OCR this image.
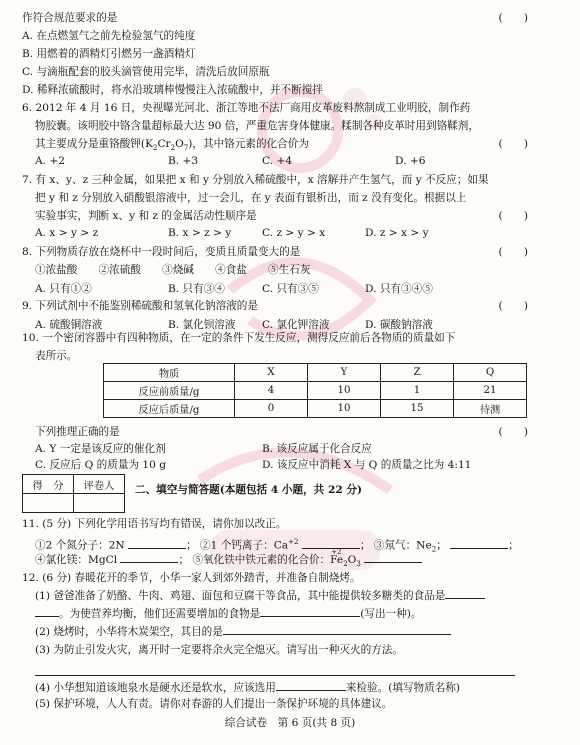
作符合规范要求的是	(　　)
A. 在点燃氢气之前先检验氢气的纯度
B. 用燃着的酒精灯引燃另一盏酒精灯
C. 与滴瓶配套的胶头滴管使用完毕，清洗后放回原瓶
D. 稀释浓硫酸时，将水沿玻璃棒慢慢注入浓硫酸中，并不断搅拌
6. 2012 年 4 月 16 日，央视曝光河北、浙江等地不法厂商用皮革废料熬制成工业明胶，制作药
物胶囊。该明胶中铬含量超标最大达 90 倍，严重危害身体健康。糅制各种皮革时用到铬鞣剂，
其主要成分是重铬酸钾$(K_2Cr_2O_7)$，其中铬元素的化合价为	(　　)
A. +2	B. +3	C. +4	D. +6
7. 有 x、y、z 三种金属，如果把 x 和 y 分别放入稀硫酸中，x 溶解并产生氢气，而 y 不反应；如果
把 y 和 z 分别放入硝酸银溶液中，过一会儿，在 y 表面有银析出，而 z 没有变化。根据以上
实验事实，判断 x、y 和 z 的金属活动性顺序是	(　　)
A. x > y > z	B. x > z > y	C. z > y > x	D. z > x > y
8. 下列物质存放在烧杯中一段时间后，变质且质量变大的是	(　　)
①浓盐酸　　②浓硫酸　　③烧碱　　④食盐　　⑤生石灰
A. 只有①②	B. 只有③④	C. 只有③⑤	D. 只有③④⑤
9. 下列试剂中不能鉴别稀硫酸和氢氧化钠溶液的是	(　　)
A. 硫酸铜溶液	B. 氯化钡溶液	C. 氯化钾溶液	D. 碳酸钠溶液
10. 一个密闭容器中有四种物质，在一定的条件下发生反应，测得反应前后各物质的质量如下
物质	X	Y	Z	Q
反应前质量/g	4	10	1	21
反应后质量/g	0	10	15	待测
表所示。
下列推理正确的是	(　　)
A. Y 一定是该反应的催化剂	B. 该反应属于化合反应
得　分	评卷人

C. 反应后 Q 的质量为 10 g	D. 该反应中消耗 X 与 Q 的质量之比为 4:11
二、填空与简答题(本题包括 4 小题，共 22 分)
11. (5 分) 下列化学用语书写均有错误，请你加以改正。
①2 个氮分子：2N	； ②1 个钙离子：$Ca^{+2}$	； ③氖气：$Ne_2$；	；
④氯化镁：MgCl	； ⑤氧化铁中铁元素的化合价：
+2
$Fe_2O_3$
12. (6 分) 春暖花开的季节，小华一家人到郊外踏青，并准备自制烧烤。
(1) 爸爸准备了奶酪、牛肉、鸡翅、面包和豆腐干等食品，其中能提供较多糖类的食品是
。为使营养均衡，他们还需要增加的食物是	(写出一种)。
(2) 烧烤时，小华将木炭架空，其目的是
(3) 为防止引发火灾，离开时一定要将余火完全熄灭。请写出一种灭火的方法。
(4) 小华想知道该地泉水是硬水还是软水，应该选用	来检验。(填写物质名称)
(5) 保护环境，人人有责。请你对春游的人们提出一条保护环境的具体建议。
综合试卷　第 6 页(共 8 页)
